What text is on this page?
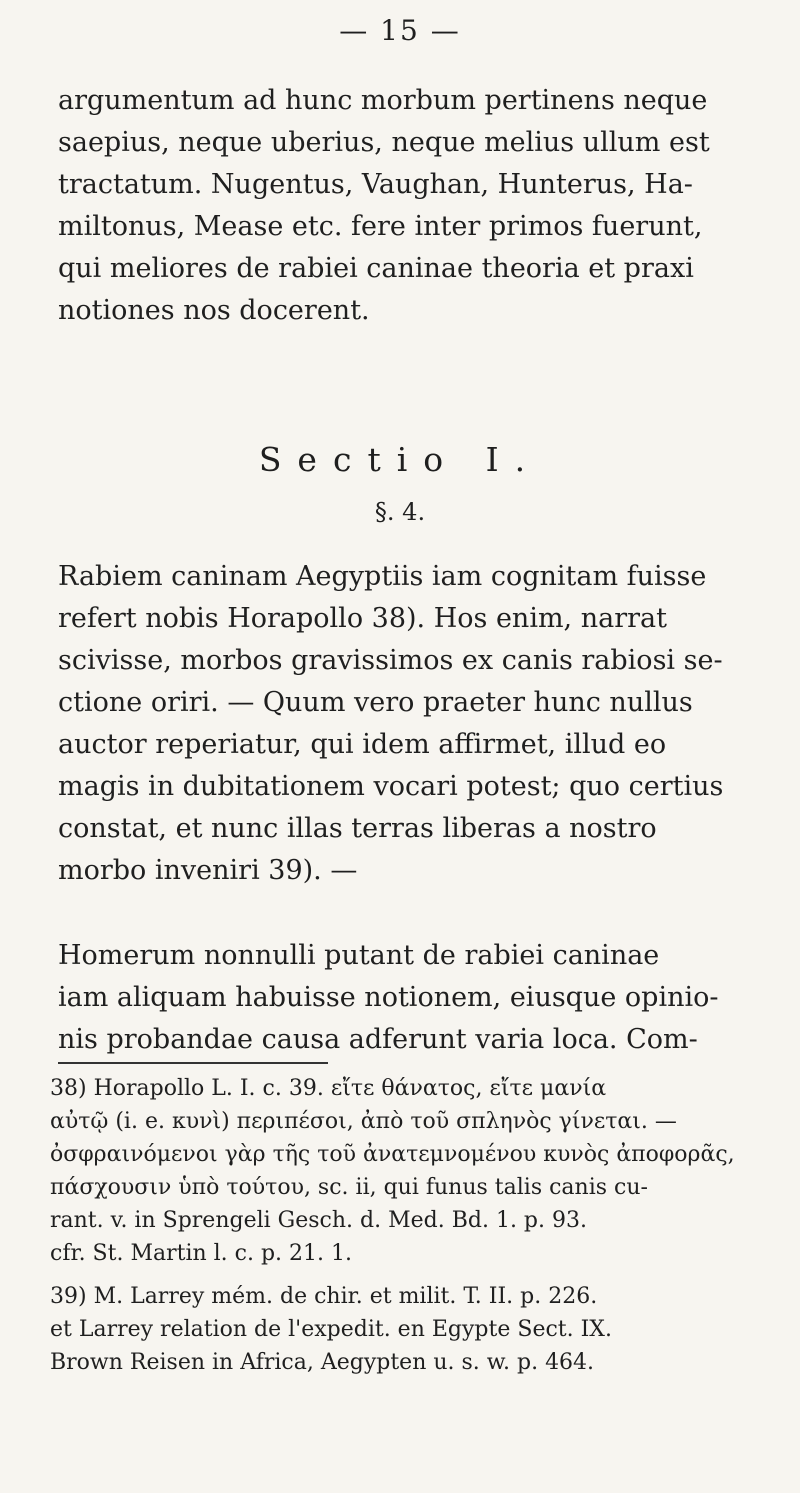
— 15 —
argumentum ad hunc morbum pertinens neque
saepius, neque uberius, neque melius ullum est
tractatum. Nugentus, Vaughan, Hunterus, Ha-
miltonus, Mease etc. fere inter primos fuerunt,
qui meliores de rabiei caninae theoria et praxi
notiones nos docerent.
Sectio I.
§. 4.
Rabiem caninam Aegyptiis iam cognitam fuisse
refert nobis Horapollo 38). Hos enim, narrat
scivisse, morbos gravissimos ex canis rabiosi se-
ctione oriri. — Quum vero praeter hunc nullus
auctor reperiatur, qui idem affirmet, illud eo
magis in dubitationem vocari potest; quo certius
constat, et nunc illas terras liberas a nostro
morbo inveniri 39). —
Homerum nonnulli putant de rabiei caninae
iam aliquam habuisse notionem, eiusque opinio-
nis probandae causa adferunt varia loca. Com-
38) Horapollo L. I. c. 39. εἴτε θάνατος, εἴτε μανία
αὐτῷ (i. e. κυνὶ) περιπέσοι, ἀπὸ τοῦ σπληνὸς γίνεται. —
ὀσφραινόμενοι γὰρ τῆς τοῦ ἀνατεμνομένου κυνὸς ἀποφορᾶς,
πάσχουσιν ὑπὸ τούτου, sc. ii, qui funus talis canis cu-
rant. v. in Sprengeli Gesch. d. Med. Bd. 1. p. 93.
cfr. St. Martin l. c. p. 21. 1.
39) M. Larrey mém. de chir. et milit. T. II. p. 226.
et Larrey relation de l'expedit. en Egypte Sect. IX.
Brown Reisen in Africa, Aegypten u. s. w. p. 464.
